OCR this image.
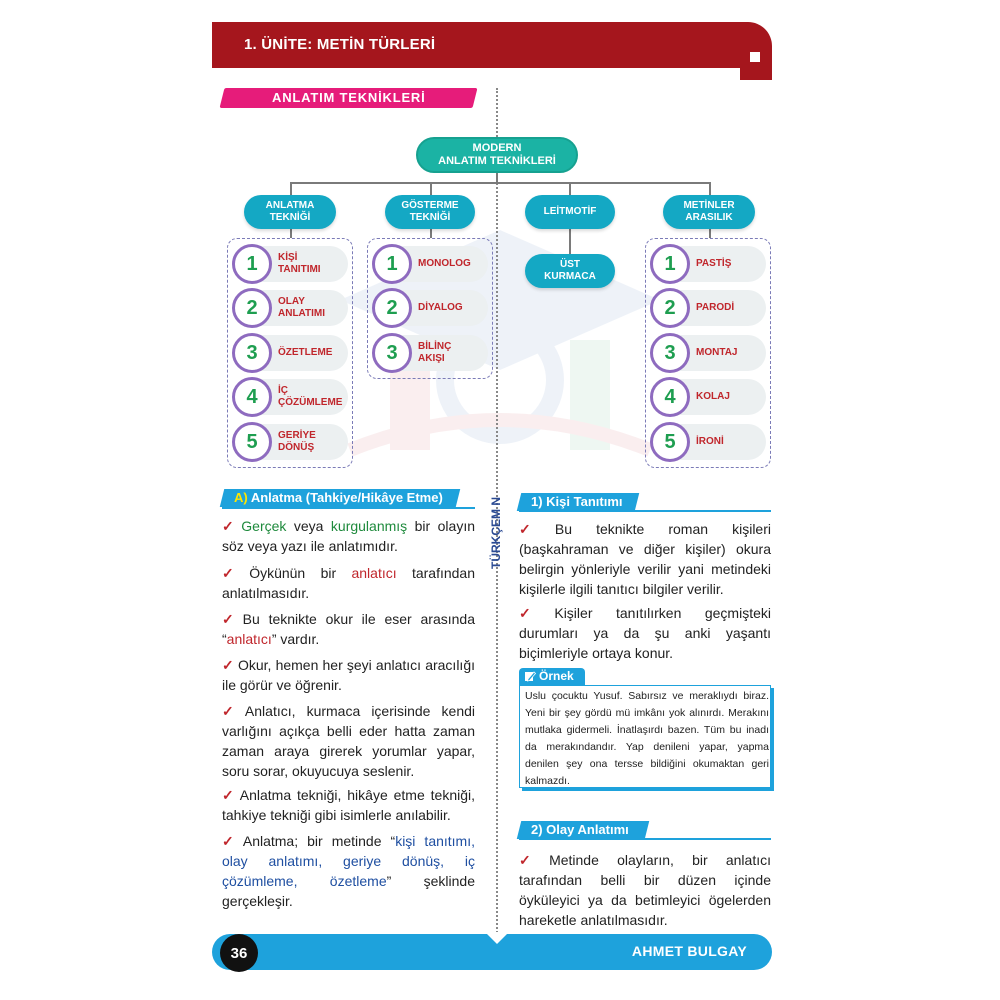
1. ÜNİTE: METİN TÜRLERİ
ANLATIM TEKNİKLERİ
MODERN
ANLATIM TEKNİKLERİ
ANLATMA
TEKNİĞİ
GÖSTERME
TEKNİĞİ
LEİTMOTİF
METİNLER
ARASILIK
ÜST
KURMACA
1	KİŞİ
TANITIMI
2	OLAY
ANLATIMI
3	ÖZETLEME
4	İÇ
ÇÖZÜMLEME
5	GERİYE
DÖNÜŞ
1	MONOLOG
2	DİYALOG
3	BİLİNÇ
AKIŞI
1	PASTİŞ
2	PARODİ
3	MONTAJ
4	KOLAJ
5	İRONİ
A) Anlatma (Tahkiye/Hikâye Etme)
✓ Gerçek veya kurgulanmış bir olayın söz veya yazı ile anlatımıdır.
✓ Öykünün bir anlatıcı tarafından anlatılmasıdır.
✓ Bu teknikte okur ile eser arasında “anlatıcı” vardır.
✓ Okur, hemen her şeyi anlatıcı aracılığı ile görür ve öğrenir.
✓ Anlatıcı, kurmaca içerisinde kendi varlığını açıkça belli eder hatta zaman zaman araya girerek yorumlar yapar, soru sorar, okuyucuya seslenir.
✓ Anlatma tekniği, hikâye etme tekniği, tahkiye tekniği gibi isimlerle anılabilir.
✓ Anlatma; bir metinde “kişi tanıtımı, olay anlatımı, geriye dönüş, iç çözümleme, özetleme” şeklinde gerçekleşir.
TÜRKÇEM N 1) Kişi Tanıtımı
✓ Bu teknikte roman kişileri (başkahraman ve diğer kişiler) okura belirgin yönleriyle verilir yani metindeki kişilerle ilgili tanıtıcı bilgiler verilir.
✓ Kişiler tanıtılırken geçmişteki durumları ya da şu anki yaşantı biçimleriyle ortaya konur.
Örnek
Uslu çocuktu Yusuf. Sabırsız ve meraklıydı biraz. Yeni bir şey gördü mü imkânı yok alınırdı. Merakını mutlaka gidermeli. İnatlaşırdı bazen. Tüm bu inadı da merakındandır. Yap denileni yapar, yapma denilen şey ona tersse bildiğini okumaktan geri kalmazdı.
2) Olay Anlatımı
✓ Metinde olayların, bir anlatıcı tarafından belli bir düzen içinde öyküleyici ya da betimleyici ögelerden hareketle anlatılmasıdır.
36	AHMET BULGAY
